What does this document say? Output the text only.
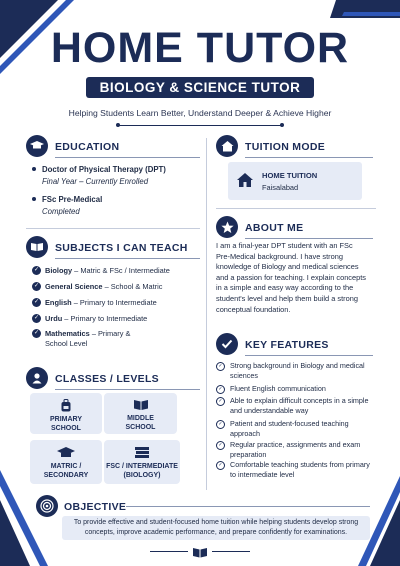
HOME TUTOR
BIOLOGY & SCIENCE TUTOR
Helping Students Learn Better, Understand Deeper & Achieve Higher
EDUCATION
Doctor of Physical Therapy (DPT)
Final Year – Currently Enrolled
FSc Pre-Medical
Completed
SUBJECTS I CAN TEACH
✓ Biology – Matric & FSc / Intermediate
✓ General Science – School & Matric
✓ English – Primary to Intermediate
✓ Urdu – Primary to Intermediate
✓ Mathematics – Primary & School Level
CLASSES / LEVELS
PRIMARY
SCHOOL
MIDDLE
SCHOOL
MATRIC /
SECONDARY
FSC / INTERMEDIATE
(BIOLOGY)
TUITION MODE
HOME TUITION
Faisalabad
ABOUT ME
I am a final-year DPT student with an FSc Pre-Medical background. I have strong knowledge of Biology and medical sciences and a passion for teaching. I explain concepts in a simple and easy way according to the student's level and help them build a strong conceptual foundation.
KEY FEATURES
✓	Strong background in Biology and medical sciences
✓	Fluent English communication
✓	Able to explain difficult concepts in a simple and understandable way
✓	Patient and student-focused teaching approach
✓	Regular practice, assignments and exam preparation
✓	Comfortable teaching students from primary to intermediate level
OBJECTIVE
To provide effective and student-focused home tuition while helping students develop strong concepts, improve academic performance, and prepare confidently for examinations.
